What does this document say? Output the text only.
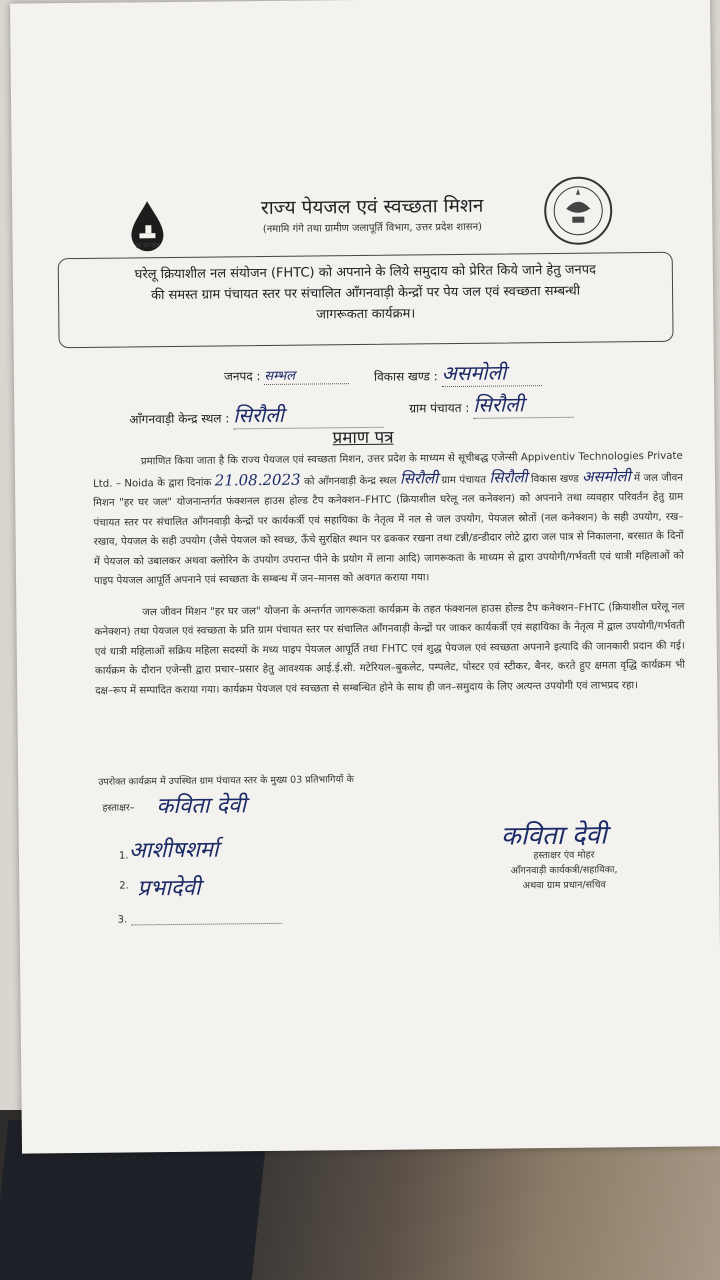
हर घर जल
राज्य पेयजल एवं स्वच्छता मिशन
(नमामि गंगे तथा ग्रामीण जलापूर्ति विभाग, उत्तर प्रदेश शासन)
घरेलू क्रियाशील नल संयोजन (FHTC) को अपनाने के लिये समुदाय को प्रेरित किये जाने हेतु जनपद
की समस्त ग्राम पंचायत स्तर पर संचालित आँगनवाड़ी केन्द्रों पर पेय जल एवं स्वच्छता सम्बन्धी
जागरूकता कार्यक्रम।
जनपद : सम्भल	विकास खण्ड : असमोली
आँगनवाड़ी केन्द्र स्थल : सिरौली	ग्राम पंचायत : सिरौली
प्रमाण पत्र

प्रमाणित किया जाता है कि राज्य पेयजल एवं स्वच्छता मिशन, उत्तर प्रदेश के माध्यम से सूचीबद्ध एजेन्सी Appiventiv Technologies Private Ltd. – Noida के द्वारा दिनांक 21.08.2023 को आँगनवाड़ी केन्द्र स्थल सिरौली ग्राम पंचायत सिरौली विकास खण्ड असमोली में जल जीवन मिशन "हर घर जल" योजनान्तर्गत फंक्शनल हाउस होल्ड टैप कनेक्शन–FHTC (क्रियाशील घरेलू नल कनेक्शन) को अपनाने तथा व्यवहार परिवर्तन हेतु ग्राम पंचायत स्तर पर संचालित आँगनवाड़ी केन्द्रों पर कार्यकर्त्री एवं सहायिका के नेतृत्व में नल से जल उपयोग, पेयजल स्रोतों (नल कनेक्शन) के सही उपयोग, रख–रखाव, पेयजल के सही उपयोग (जैसे पेयजल को स्वच्छ, ऊँचे सुरक्षित स्थान पर ढककर रखना तथा टन्नी/डन्डीदार लोटे द्वारा जल पात्र से निकालना, बरसात के दिनों में पेयजल को उबालकर अथवा क्लोरिन के उपयोग उपरान्त पीने के प्रयोग में लाना आदि) जागरूकता के माध्यम से द्वारा उपयोगी/गर्भवती एवं धात्री महिलाओं को पाइप पेयजल आपूर्ति अपनाने एवं स्वच्छता के सम्बन्ध में जन–मानस को अवगत कराया गया।

जल जीवन मिशन "हर घर जल" योजना के अन्तर्गत जागरूकता कार्यक्रम के तहत फंक्शनल हाउस होल्ड टैप कनेक्शन–FHTC (क्रियाशील घरेलू नल कनेक्शन) तथा पेयजल एवं स्वच्छता के प्रति ग्राम पंचायत स्तर पर संचालित आँगनवाड़ी केन्द्रों पर जाकर कार्यकर्त्री एवं सहायिका के नेतृत्व में द्वाल उपयोगी/गर्भवती एवं धात्री महिलाओं सक्रिय महिला सदस्यों के मध्य पाइप पेयजल आपूर्ति तथा FHTC एवं शुद्ध पेयजल एवं स्वच्छता अपनाने इत्यादि की जानकारी प्रदान की गई। कार्यक्रम के दौरान एजेन्सी द्वारा प्रचार–प्रसार हेतु आवश्यक आई.ई.सी. मटेरियल–बुकलेट, पम्पलेट, पोस्टर एवं स्टीकर, बैनर, करते हुए क्षमता वृद्धि कार्यक्रम भी दक्ष–रूप में सम्पादित कराया गया। कार्यक्रम पेयजल एवं स्वच्छता से सम्बन्धित होने के साथ ही जन–समुदाय के लिए अत्यन्त उपयोगी एवं लाभप्रद रहा।

उपरोक्त कार्यक्रम में उपस्थित ग्राम पंचायत स्तर के मुख्य 03 प्रतिभागियों के
हस्ताक्षर– कविता देवी
1. आशीषशर्मा
2. प्रभादेवी
3.
कविता देवी
हस्ताक्षर एंव मोहर
आँगनवाड़ी कार्यकत्री/सहायिका,
अथवा ग्राम प्रधान/सचिव
